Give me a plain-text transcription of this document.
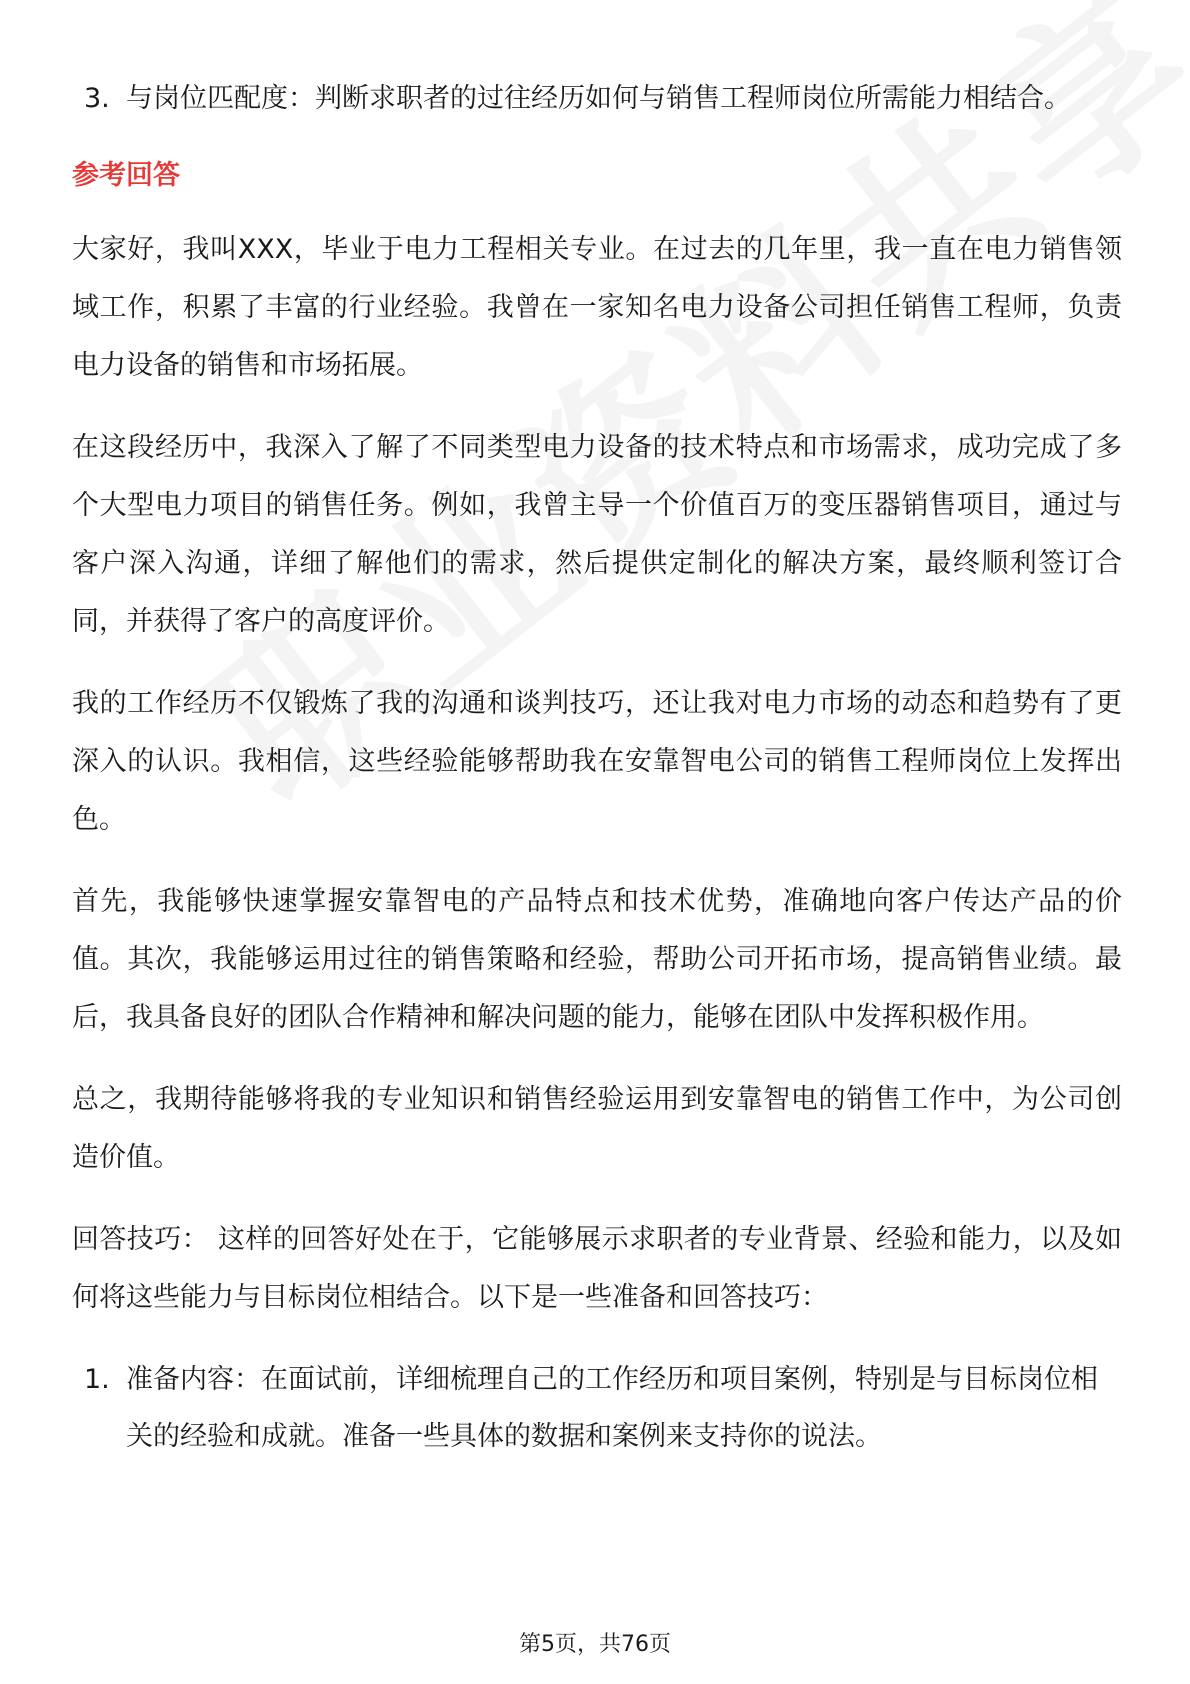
3. 与岗位匹配度：判断求职者的过往经历如何与销售工程师岗位所需能力相结合。
参考回答

大家好，我叫XXX，毕业于电力工程相关专业。在过去的几年里，我一直在电力销售领域工作，积累了丰富的行业经验。我曾在一家知名电力设备公司担任销售工程师，负责电力设备的销售和市场拓展。

在这段经历中，我深入了解了不同类型电力设备的技术特点和市场需求，成功完成了多个大型电力项目的销售任务。例如，我曾主导一个价值百万的变压器销售项目，通过与客户深入沟通，详细了解他们的需求，然后提供定制化的解决方案，最终顺利签订合同，并获得了客户的高度评价。

我的工作经历不仅锻炼了我的沟通和谈判技巧，还让我对电力市场的动态和趋势有了更深入的认识。我相信，这些经验能够帮助我在安靠智电公司的销售工程师岗位上发挥出色。

首先，我能够快速掌握安靠智电的产品特点和技术优势，准确地向客户传达产品的价值。其次，我能够运用过往的销售策略和经验，帮助公司开拓市场，提高销售业绩。最后，我具备良好的团队合作精神和解决问题的能力，能够在团队中发挥积极作用。

总之，我期待能够将我的专业知识和销售经验运用到安靠智电的销售工作中，为公司创造价值。

回答技巧： 这样的回答好处在于，它能够展示求职者的专业背景、经验和能力，以及如何将这些能力与目标岗位相结合。以下是一些准备和回答技巧：

1. 准备内容：在面试前，详细梳理自己的工作经历和项目案例，特别是与目标岗位相关的经验和成就。准备一些具体的数据和案例来支持你的说法。
第5页，共76页
